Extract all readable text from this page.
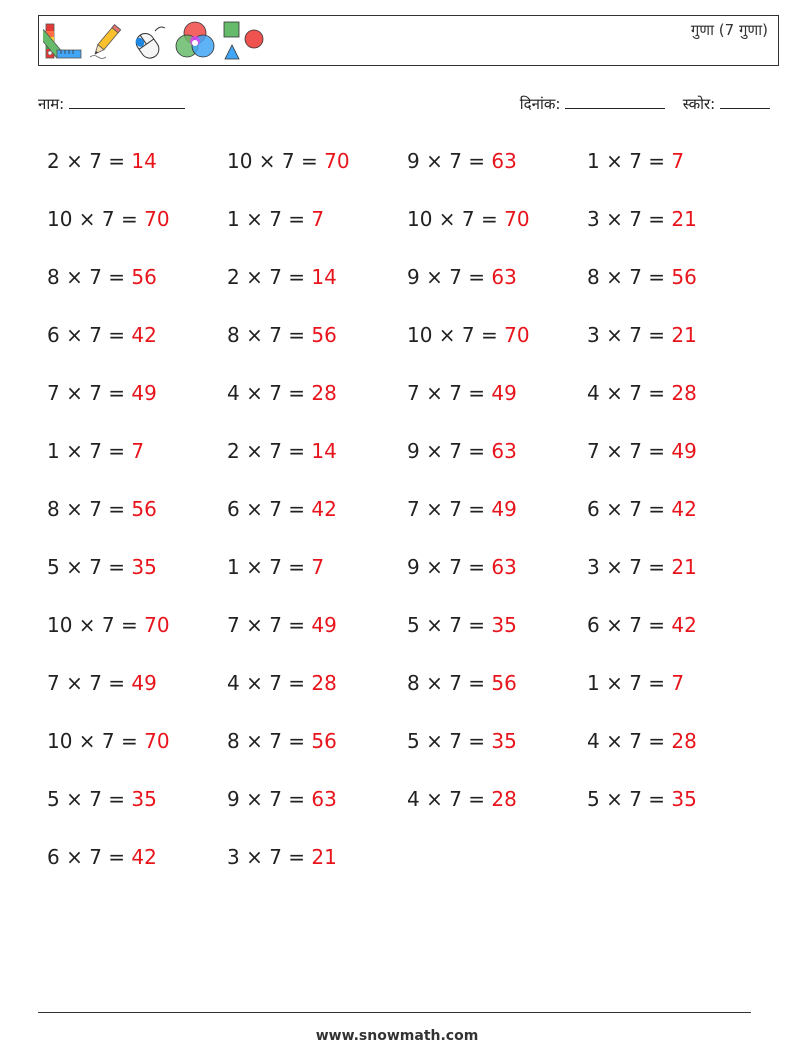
गुणा (7 गुणा)
नाम:	दिनांक:	स्कोर:
2 × 7 = 14	10 × 7 = 70	9 × 7 = 63	1 × 7 = 7
10 × 7 = 70	1 × 7 = 7	10 × 7 = 70	3 × 7 = 21
8 × 7 = 56	2 × 7 = 14	9 × 7 = 63	8 × 7 = 56
6 × 7 = 42	8 × 7 = 56	10 × 7 = 70	3 × 7 = 21
7 × 7 = 49	4 × 7 = 28	7 × 7 = 49	4 × 7 = 28
1 × 7 = 7	2 × 7 = 14	9 × 7 = 63	7 × 7 = 49
8 × 7 = 56	6 × 7 = 42	7 × 7 = 49	6 × 7 = 42
5 × 7 = 35	1 × 7 = 7	9 × 7 = 63	3 × 7 = 21
10 × 7 = 70	7 × 7 = 49	5 × 7 = 35	6 × 7 = 42
7 × 7 = 49	4 × 7 = 28	8 × 7 = 56	1 × 7 = 7
10 × 7 = 70	8 × 7 = 56	5 × 7 = 35	4 × 7 = 28
5 × 7 = 35	9 × 7 = 63	4 × 7 = 28	5 × 7 = 35
6 × 7 = 42	3 × 7 = 21
www.snowmath.com
